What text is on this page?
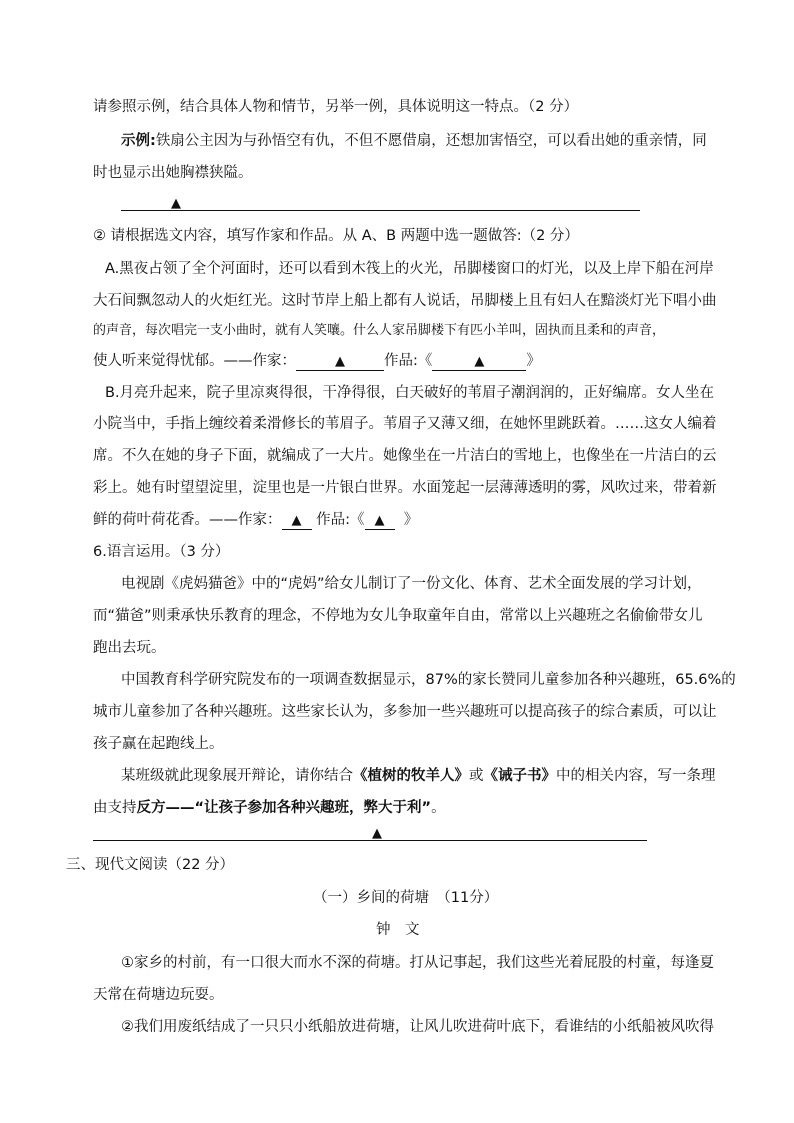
请参照示例，结合具体人物和情节，另举一例，具体说明这一特点。（2 分）
示例:铁扇公主因为与孙悟空有仇，不但不愿借扇，还想加害悟空，可以看出她的重亲情，同
时也显示出她胸襟狭隘。
▲
② 请根据选文内容，填写作家和作品。从 A、B 两题中选一题做答:（2 分）
A.黑夜占领了全个河面时，还可以看到木筏上的火光，吊脚楼窗口的灯光，以及上岸下船在河岸
大石间飘忽动人的火炬红光。这时节岸上船上都有人说话，吊脚楼上且有妇人在黯淡灯光下唱小曲
的声音，每次唱完一支小曲时，就有人笑嚷。什么人家吊脚楼下有匹小羊叫，固执而且柔和的声音，
使人听来觉得忧郁。——作家：	▲	作品:《	▲	》
B.月亮升起来，院子里凉爽得很，干净得很，白天破好的苇眉子潮润润的，正好编席。女人坐在
小院当中，手指上缠绞着柔滑修长的苇眉子。苇眉子又薄又细，在她怀里跳跃着。……这女人编着
席。不久在她的身子下面，就编成了一大片。她像坐在一片洁白的雪地上，也像坐在一片洁白的云
彩上。她有时望望淀里，淀里也是一片银白世界。水面笼起一层薄薄透明的雾，风吹过来，带着新
鲜的荷叶荷花香。——作家： ▲ 作品:《 ▲ 》
6.语言运用。（3 分）
电视剧《虎妈猫爸》中的“虎妈”给女儿制订了一份文化、体育、艺术全面发展的学习计划，
而“猫爸”则秉承快乐教育的理念，不停地为女儿争取童年自由，常常以上兴趣班之名偷偷带女儿
跑出去玩。
中国教育科学研究院发布的一项调查数据显示，87%的家长赞同儿童参加各种兴趣班，65.6%的
城市儿童参加了各种兴趣班。这些家长认为，多参加一些兴趣班可以提高孩子的综合素质，可以让
孩子赢在起跑线上。
某班级就此现象展开辩论，请你结合《植树的牧羊人》或《诫子书》中的相关内容，写一条理
由支持反方——“让孩子参加各种兴趣班，弊大于利”。
▲
三、现代文阅读（22 分）
（一）乡间的荷塘　（11分）
钟　文
①家乡的村前，有一口很大而水不深的荷塘。打从记事起，我们这些光着屁股的村童，每逢夏
天常在荷塘边玩耍。
②我们用废纸结成了一只只小纸船放进荷塘，让风儿吹进荷叶底下，看谁结的小纸船被风吹得
